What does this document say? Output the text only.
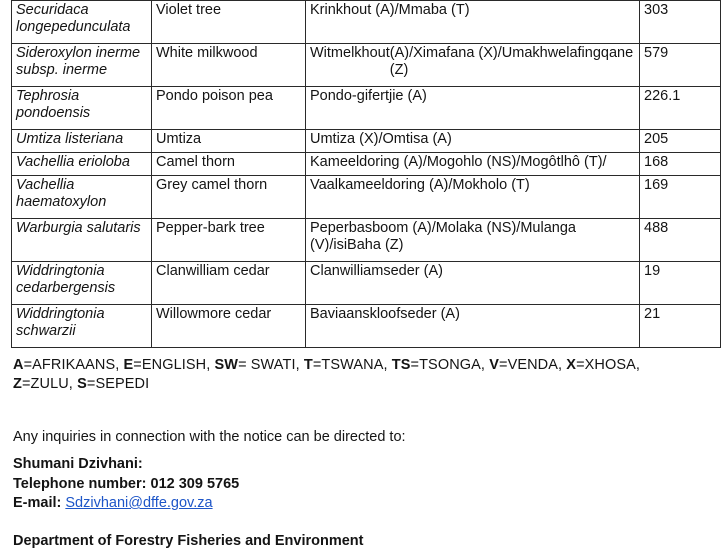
Securidaca longepedunculata	Violet tree	Krinkhout (A)/Mmaba (T)	303
Sideroxylon inerme subsp. inerme	White milkwood	Witmelkhout (A)/Ximafana (X)/Umakhwelafingqane (Z)	579
Tephrosia pondoensis	Pondo poison pea	Pondo-gifertjie (A)	226.1
Umtiza listeriana	Umtiza	Umtiza (X)/Omtisa (A)	205
Vachellia erioloba	Camel thorn	Kameeldoring (A)/Mogohlo (NS)/Mogôtlhô (T)/	168
Vachellia haematoxylon	Grey camel thorn	Vaalkameeldoring (A)/Mokholo (T)	169
Warburgia salutaris	Pepper-bark tree	Peperbasboom (A)/Molaka (NS)/Mulanga (V)/isiBaha (Z)	488
Widdringtonia cedarbergensis	Clanwilliam cedar	Clanwilliamseder (A)	19
Widdringtonia schwarzii	Willowmore cedar	Baviaanskloofseder (A)	21
A=AFRIKAANS, E=ENGLISH, SW= SWATI, T=TSWANA, TS=TSONGA, V=VENDA, X=XHOSA,
Z=ZULU, S=SEPEDI
Any inquiries in connection with the notice can be directed to:
Shumani Dzivhani:
Telephone number: 012 309 5765
E-mail: Sdzivhani@dffe.gov.za
Department of Forestry Fisheries and Environment
